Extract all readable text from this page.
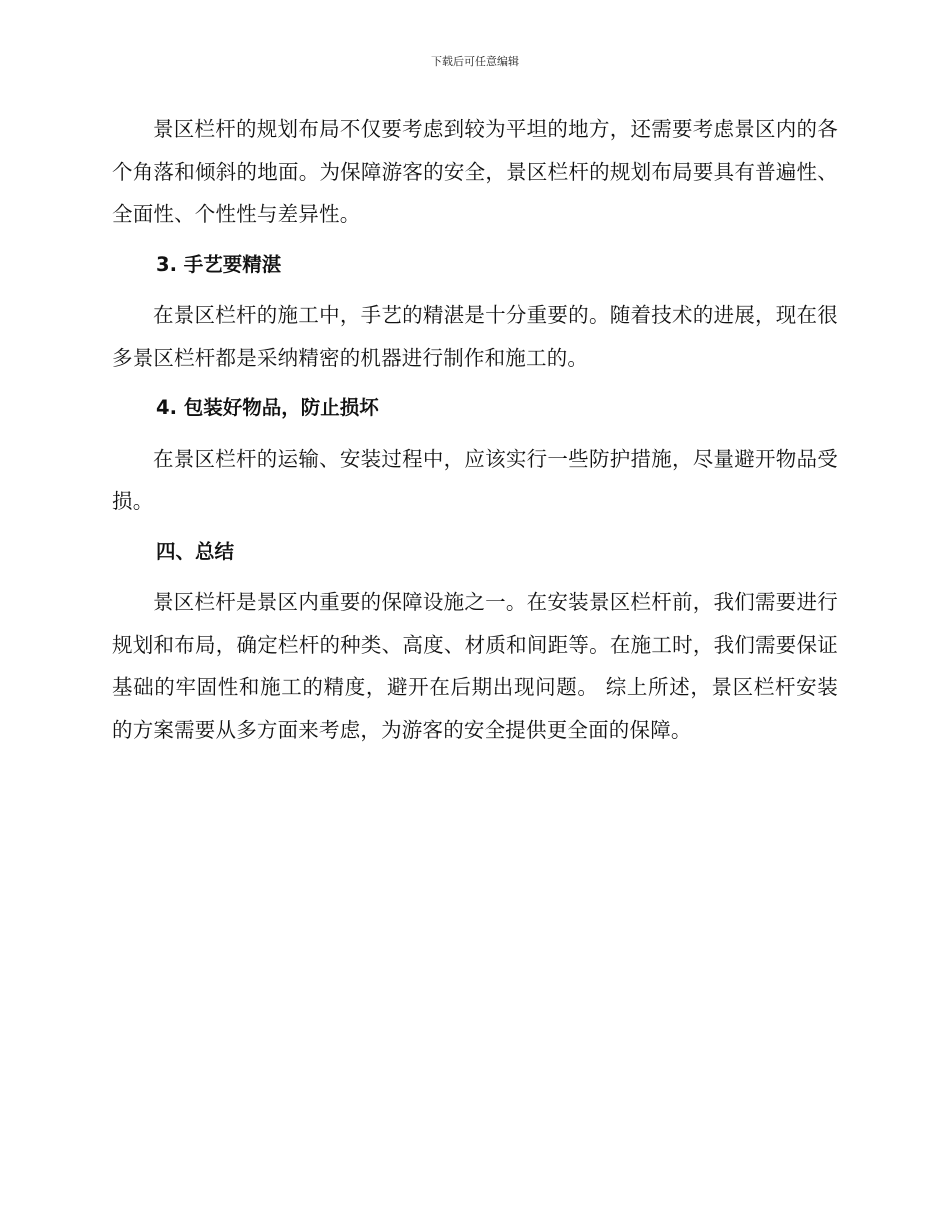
下载后可任意编辑

景区栏杆的规划布局不仅要考虑到较为平坦的地方，还需要考虑景区内的各个角落和倾斜的地面。为保障游客的安全，景区栏杆的规划布局要具有普遍性、全面性、个性性与差异性。

3. 手艺要精湛

在景区栏杆的施工中，手艺的精湛是十分重要的。随着技术的进展，现在很多景区栏杆都是采纳精密的机器进行制作和施工的。

4. 包装好物品，防止损坏

在景区栏杆的运输、安装过程中，应该实行一些防护措施，尽量避开物品受损。

四、总结

景区栏杆是景区内重要的保障设施之一。在安装景区栏杆前，我们需要进行规划和布局，确定栏杆的种类、高度、材质和间距等。在施工时，我们需要保证基础的牢固性和施工的精度，避开在后期出现问题。 综上所述，景区栏杆安装的方案需要从多方面来考虑，为游客的安全提供更全面的保障。
